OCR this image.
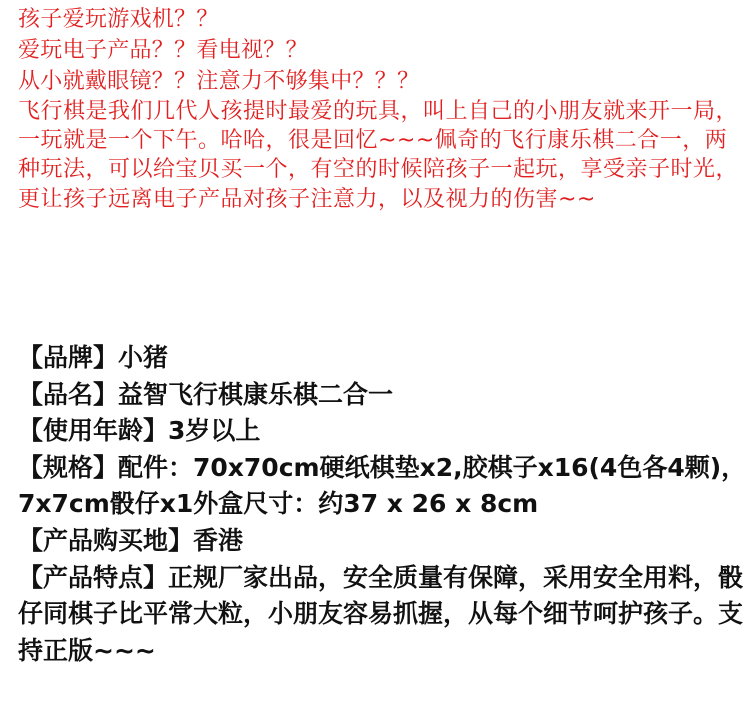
孩子爱玩游戏机？？
爱玩电子产品？？看电视？？
从小就戴眼镜？？注意力不够集中？？？
飞行棋是我们几代人孩提时最爱的玩具，叫上自己的小朋友就来开一局，一玩就是一个下午。哈哈，很是回忆~~~佩奇的飞行康乐棋二合一，两种玩法，可以给宝贝买一个，有空的时候陪孩子一起玩，享受亲子时光，更让孩子远离电子产品对孩子注意力，以及视力的伤害~~
【品牌】小猪
【品名】益智飞行棋康乐棋二合一
【使用年龄】3岁以上
【规格】配件：70x70cm硬纸棋垫x2,胶棋子x16(4色各4颗)， 7x7cm骰仔x1外盒尺寸：约37 x 26 x 8cm
【产品购买地】香港
【产品特点】正规厂家出品，安全质量有保障，采用安全用料，骰仔同棋子比平常大粒，小朋友容易抓握，从每个细节呵护孩子。支持正版~~~
